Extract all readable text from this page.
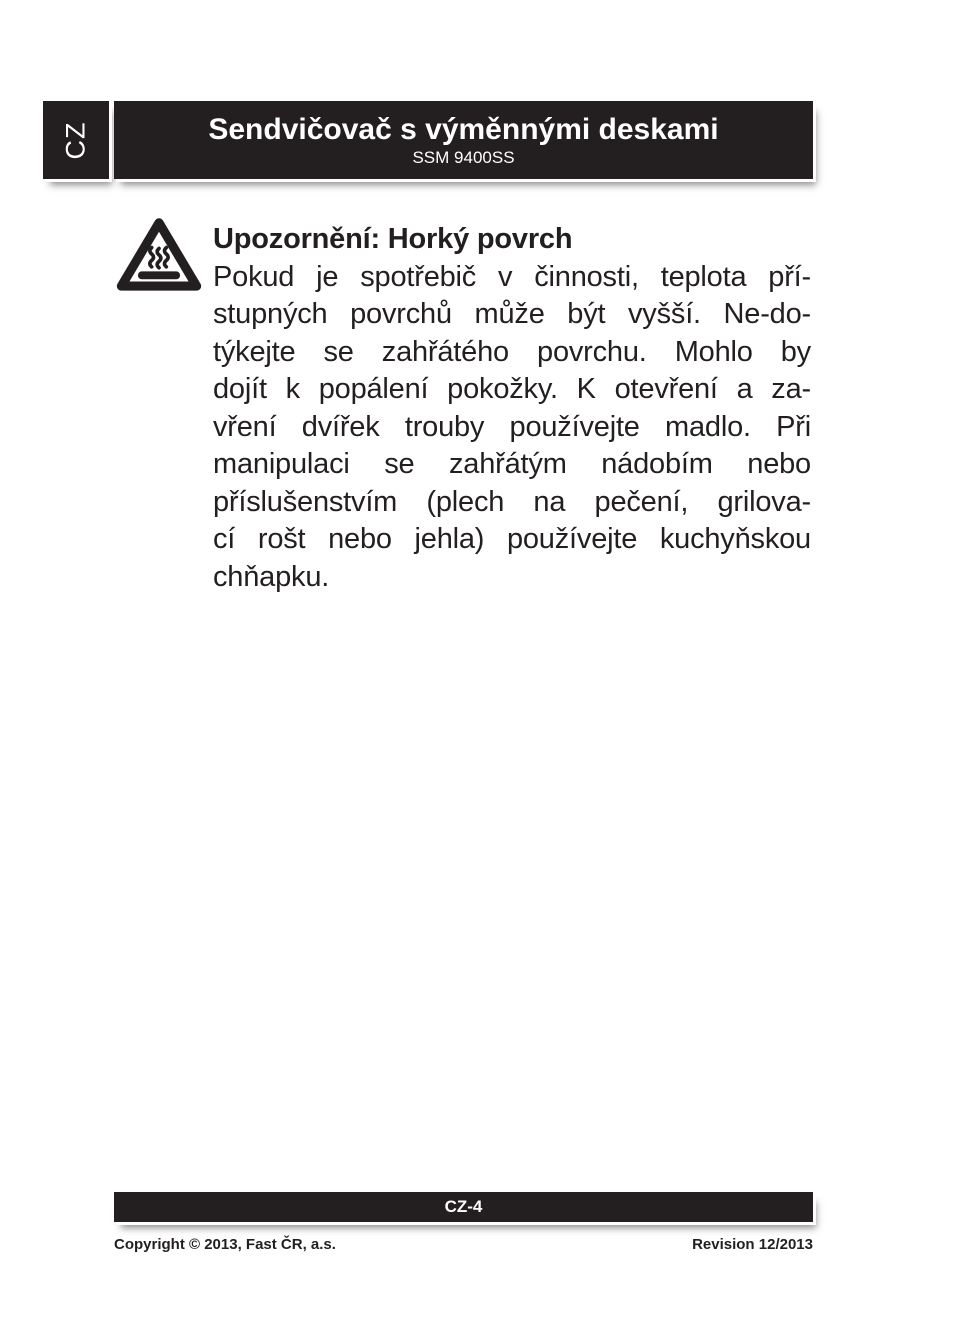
CZ	Sendvičovač s výměnnými deskami
SSM 9400SS
Upozornění: Horký povrch
Pokud je spotřebič v činnosti, teplota pří-
stupných povrchů může být vyšší. Ne-do-
týkejte se zahřátého povrchu. Mohlo by
dojít k popálení pokožky. K otevření a za-
vření dvířek trouby používejte madlo. Při
manipulaci se zahřátým nádobím nebo
příslušenstvím (plech na pečení, grilova-
cí rošt nebo jehla) používejte kuchyňskou
chňapku.
CZ-4
Copyright © 2013, Fast ČR, a.s.	Revision 12/2013
